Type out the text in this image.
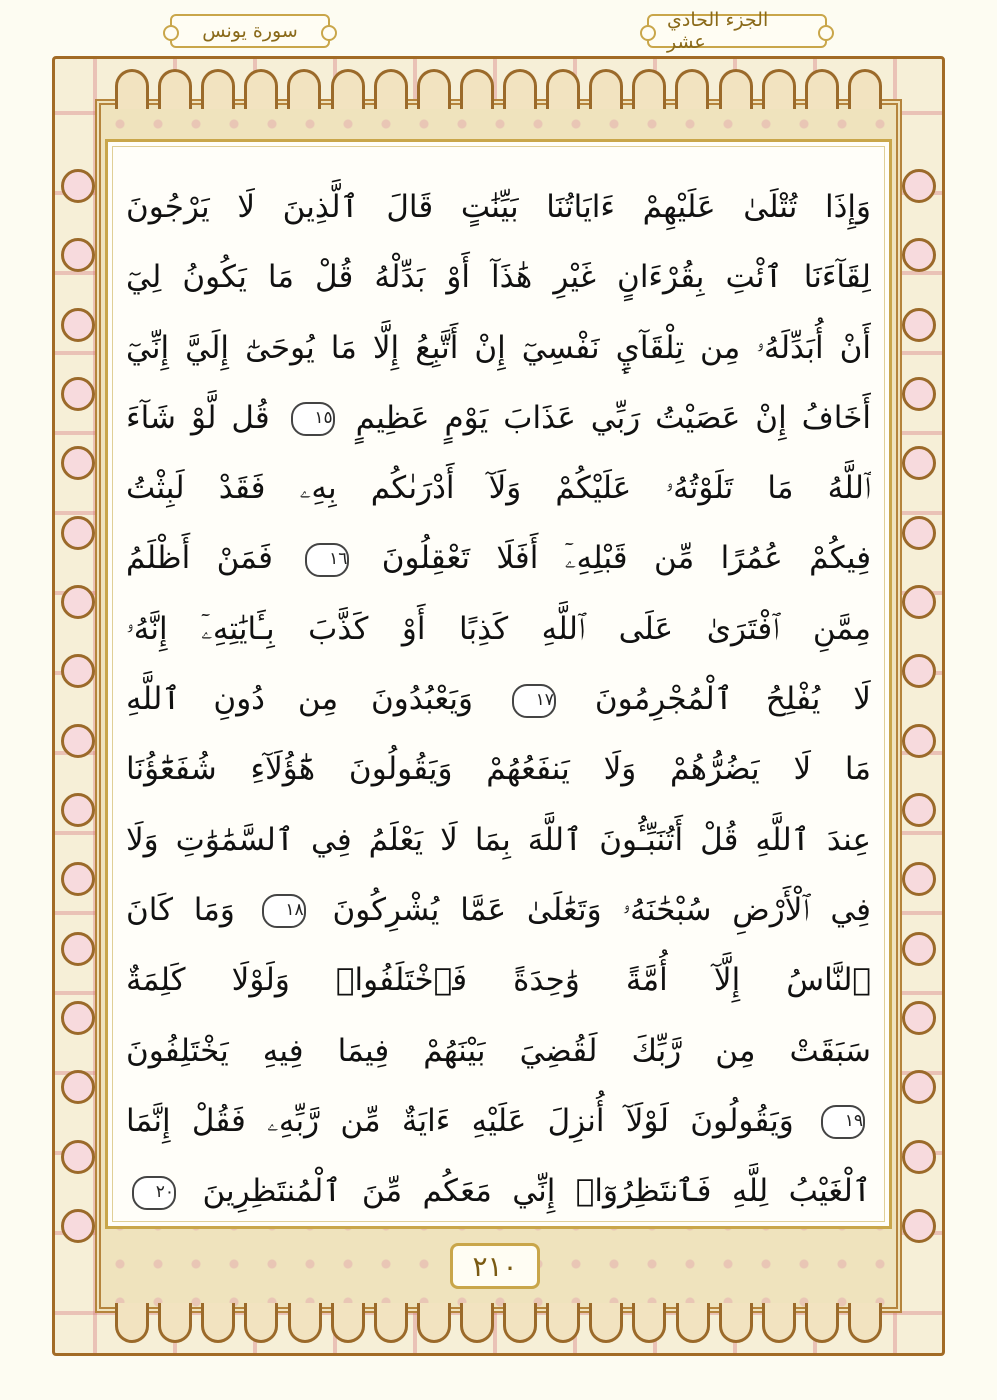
سورة يونس	الجزء الحادي عشر
وَإِذَا تُتْلَىٰ عَلَيْهِمْ ءَايَاتُنَا بَيِّنَٰتٍ قَالَ ٱلَّذِينَ لَا يَرْجُونَ
لِقَآءَنَا ٱئْتِ بِقُرْءَانٍ غَيْرِ هَٰذَآ أَوْ بَدِّلْهُ قُلْ مَا يَكُونُ لِيٓ
أَنْ أُبَدِّلَهُۥ مِن تِلْقَآيِٕ نَفْسِيٓ إِنْ أَتَّبِعُ إِلَّا مَا يُوحَىٰٓ إِلَيَّ إِنِّيٓ
أَخَافُ إِنْ عَصَيْتُ رَبِّي عَذَابَ يَوْمٍ عَظِيمٍ ١٥ قُل لَّوْ شَآءَ
ٱللَّهُ مَا تَلَوْتُهُۥ عَلَيْكُمْ وَلَآ أَدْرَىٰكُم بِهِۦ فَقَدْ لَبِثْتُ
فِيكُمْ عُمُرًا مِّن قَبْلِهِۦٓ أَفَلَا تَعْقِلُونَ ١٦ فَمَنْ أَظْلَمُ
مِمَّنِ ٱفْتَرَىٰ عَلَى ٱللَّهِ كَذِبًا أَوْ كَذَّبَ بِـَٔايَٰتِهِۦٓ إِنَّهُۥ
لَا يُفْلِحُ ٱلْمُجْرِمُونَ ١٧ وَيَعْبُدُونَ مِن دُونِ ٱللَّهِ
مَا لَا يَضُرُّهُمْ وَلَا يَنفَعُهُمْ وَيَقُولُونَ هَٰٓؤُلَآءِ شُفَعَٰٓؤُنَا
عِندَ ٱللَّهِ قُلْ أَتُنَبِّـُٔونَ ٱللَّهَ بِمَا لَا يَعْلَمُ فِي ٱلسَّمَٰوَٰتِ وَلَا
فِي ٱلْأَرْضِ سُبْحَٰنَهُۥ وَتَعَٰلَىٰ عَمَّا يُشْرِكُونَ ١٨ وَمَا كَانَ
ٱلنَّاسُ إِلَّآ أُمَّةً وَٰحِدَةً فَٱخْتَلَفُوا۟ وَلَوْلَا كَلِمَةٌ
سَبَقَتْ مِن رَّبِّكَ لَقُضِيَ بَيْنَهُمْ فِيمَا فِيهِ يَخْتَلِفُونَ
١٩ وَيَقُولُونَ لَوْلَآ أُنزِلَ عَلَيْهِ ءَايَةٌ مِّن رَّبِّهِۦ فَقُلْ إِنَّمَا
ٱلْغَيْبُ لِلَّهِ فَٱنتَظِرُوٓا۟ إِنِّي مَعَكُم مِّنَ ٱلْمُنتَظِرِينَ ٢٠
٢١٠
